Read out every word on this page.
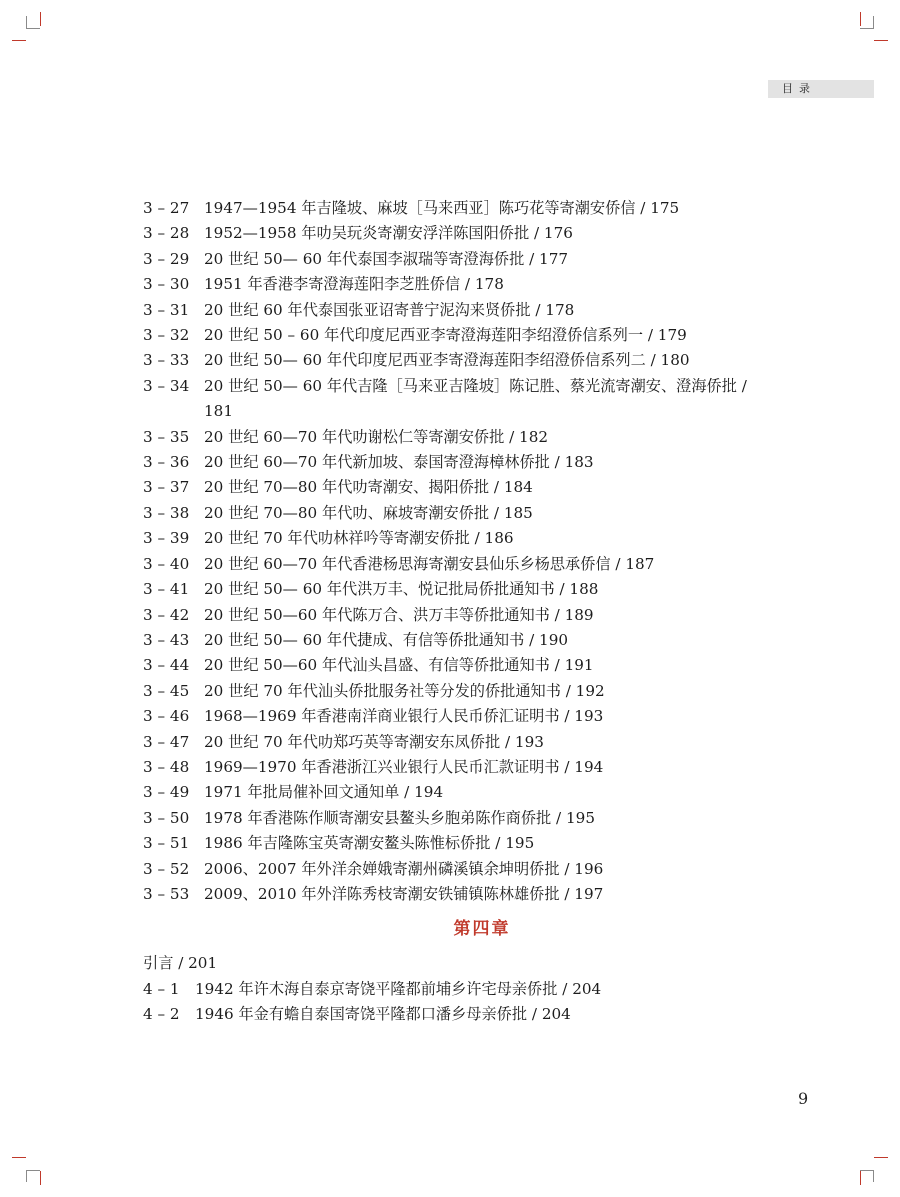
目录
3 – 27 1947—1954 年吉隆坡、麻坡［马来西亚］陈巧花等寄潮安侨信 / 175
3 – 28 1952—1958 年叻吴玩炎寄潮安浮洋陈国阳侨批 / 176
3 – 29 20 世纪 50— 60 年代泰国李淑瑞等寄澄海侨批 / 177
3 – 30 1951 年香港李寄澄海莲阳李芝胜侨信 / 178
3 – 31 20 世纪 60 年代泰国张亚诏寄普宁泥沟来贤侨批 / 178
3 – 32 20 世纪 50 – 60 年代印度尼西亚李寄澄海莲阳李绍澄侨信系列一 / 179
3 – 33 20 世纪 50— 60 年代印度尼西亚李寄澄海莲阳李绍澄侨信系列二 / 180
3 – 34 20 世纪 50— 60 年代吉隆［马来亚吉隆坡］陈记胜、蔡光流寄潮安、澄海侨批 / 181
3 – 35 20 世纪 60—70 年代叻谢松仁等寄潮安侨批 / 182
3 – 36 20 世纪 60—70 年代新加坡、泰国寄澄海樟林侨批 / 183
3 – 37 20 世纪 70—80 年代叻寄潮安、揭阳侨批 / 184
3 – 38 20 世纪 70—80 年代叻、麻坡寄潮安侨批 / 185
3 – 39 20 世纪 70 年代叻林祥吟等寄潮安侨批 / 186
3 – 40 20 世纪 60—70 年代香港杨思海寄潮安县仙乐乡杨思承侨信 / 187
3 – 41 20 世纪 50— 60 年代洪万丰、悦记批局侨批通知书 / 188
3 – 42 20 世纪 50—60 年代陈万合、洪万丰等侨批通知书 / 189
3 – 43 20 世纪 50— 60 年代捷成、有信等侨批通知书 / 190
3 – 44 20 世纪 50—60 年代汕头昌盛、有信等侨批通知书 / 191
3 – 45 20 世纪 70 年代汕头侨批服务社等分发的侨批通知书 / 192
3 – 46 1968—1969 年香港南洋商业银行人民币侨汇证明书 / 193
3 – 47 20 世纪 70 年代叻郑巧英等寄潮安东凤侨批 / 193
3 – 48 1969—1970 年香港浙江兴业银行人民币汇款证明书 / 194
3 – 49 1971 年批局催补回文通知单 / 194
3 – 50 1978 年香港陈作顺寄潮安县鳌头乡胞弟陈作商侨批 / 195
3 – 51 1986 年吉隆陈宝英寄潮安鳌头陈惟标侨批 / 195
3 – 52 2006、2007 年外洋余婵娥寄潮州磷溪镇余坤明侨批 / 196
3 – 53 2009、2010 年外洋陈秀枝寄潮安铁铺镇陈林雄侨批 / 197
第四章
引言 / 201
4 – 1	1942 年许木海自泰京寄饶平隆都前埔乡许宅母亲侨批 / 204
4 – 2	1946 年金有蟾自泰国寄饶平隆都口潘乡母亲侨批 / 204
9
